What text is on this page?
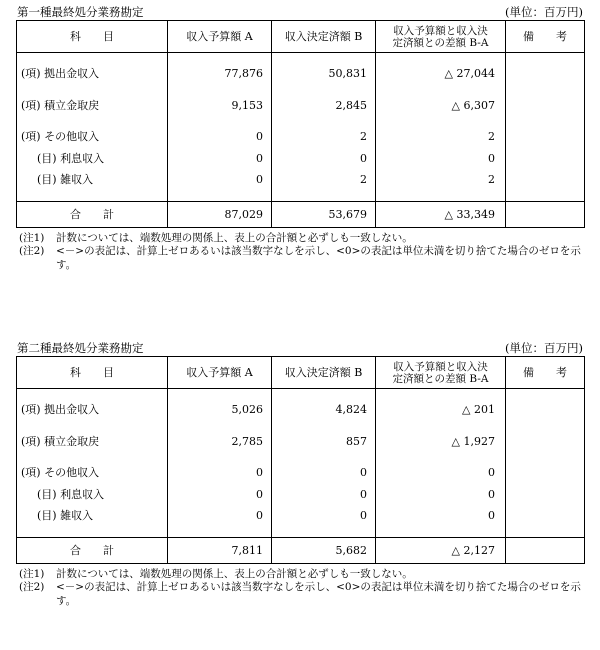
第一種最終処分業務勘定	(単位：百万円)
科　　目	収入予算額 A	収入決定済額 B	収入予算額と収入決
定済額との差額 B-A	備　　考

(項) 拠出金収入	77,876	50,831	△ 27,044	

(項) 積立金取戻	9,153	2,845	△ 6,307	

(項) その他収入	0	2	2	
(目) 利息収入	0	0	0	
(目) 雑収入	0	2	2	

合　　計	87,029	53,679	△ 33,349	
(注1) 計数については、端数処理の関係上、表上の合計額と必ずしも一致しない。
(注2) <－>の表記は、計算上ゼロあるいは該当数字なしを示し、<0>の表記は単位未満を切り捨てた場合のゼロを示す。
第二種最終処分業務勘定	(単位：百万円)
科　　目	収入予算額 A	収入決定済額 B	収入予算額と収入決
定済額との差額 B-A	備　　考

(項) 拠出金収入	5,026	4,824	△ 201	

(項) 積立金取戻	2,785	857	△ 1,927	

(項) その他収入	0	0	0	
(目) 利息収入	0	0	0	
(目) 雑収入	0	0	0	

合　　計	7,811	5,682	△ 2,127	
(注1) 計数については、端数処理の関係上、表上の合計額と必ずしも一致しない。
(注2) <－>の表記は、計算上ゼロあるいは該当数字なしを示し、<0>の表記は単位未満を切り捨てた場合のゼロを示す。
